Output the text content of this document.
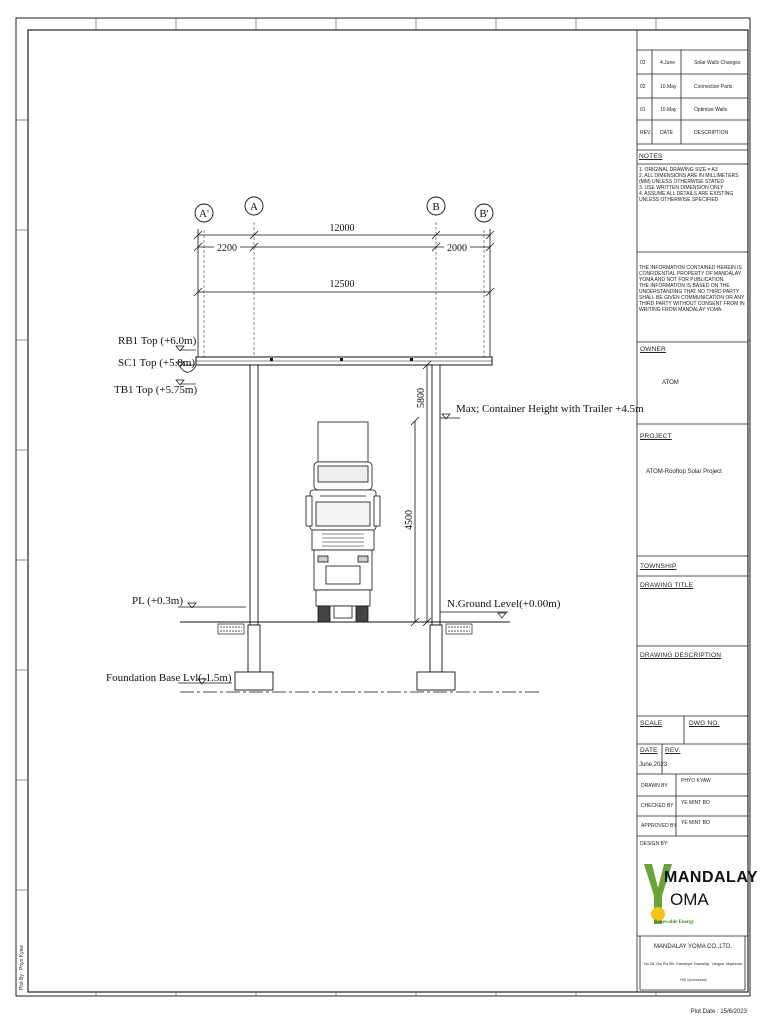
A'
A	B
B'
12000
2200	2000
12500
RB1 Top (+6.0m)
SC1 Top (+5.8m)
TB1 Top (+5.75m)
Max; Container Height with Trailer +4.5m
PL (+0.3m)	N.Ground Level(+0.00m)
Foundation Base Lvl(-1.5m)
5800
4500
03	4.June	Solar Walls Changes
02	10.May	Connection Parts
01	10.May	Optimize Walls
REV. DATE	DESCRIPTION
Plot By : Phyo Kyaw
Plot Date : 15/6/2023
NOTES
1. ORIGINAL DRAWING SIZE = A3
2. ALL DIMENSIONS ARE IN MILLIMETERS (MM) UNLESS OTHERWISE STATED
3. USE WRITTEN DIMENSION ONLY
4. ASSUME ALL DETAILS ARE EXISTING UNLESS OTHERWISE SPECIFIED
THE INFORMATION CONTAINED HEREIN IS CONFIDENTIAL PROPERTY OF MANDALAY YOMA AND NOT FOR PUBLICATION.
THE INFORMATION IS BASED ON THE UNDERSTANDING THAT NO THIRD PARTY SHALL BE GIVEN COMMUNICATION OR ANY THIRD PARTY WITHOUT CONSENT FROM IN WRITING FROM MANDALAY YOMA.
OWNER
ATOM
PROJECT
ATOM-Rooftop Solar Project
TOWNSHIP
DRAWING TITLE
DRAWING DESCRIPTION
SCALE	DWG NO.
DATE REV.
June,2023
DRAWN BY
PHYO KYAW
CHECKED BY YE MINT BO
APPROVED BY YE MINT BO
DESIGN BY:
MANDALAY
OMA
Renewable Energy
MANDALAY YOMA CO.,LTD.
No.28, Gw Rd 5th, Kamaryut Township, Yangon, Myanmar
+95 1(xxxxxxxx)
